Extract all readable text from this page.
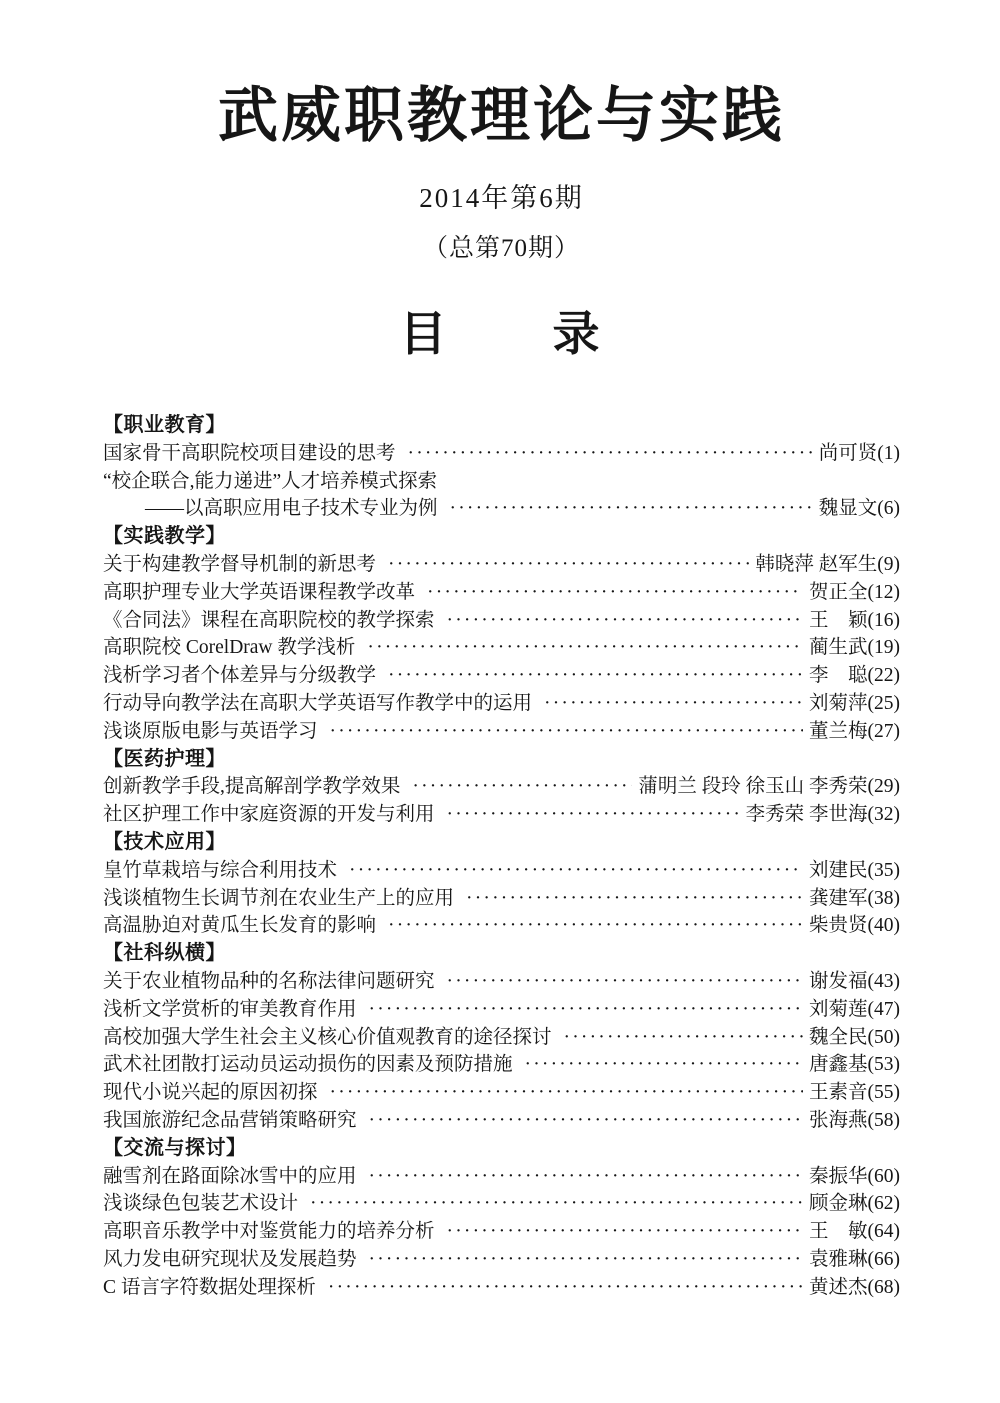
武威职教理论与实践
2014年第6期
（总第70期）
目　　录
【职业教育】
国家骨干高职院校项目建设的思考 ·····	尚可贤(1)
“校企联合,能力递进”人才培养模式探索
——以高职应用电子技术专业为例 ·····	魏显文(6)
【实践教学】
关于构建教学督导机制的新思考 ·····	韩晓萍 赵军生(9)
高职护理专业大学英语课程教学改革 ·····	贺正全(12)
《合同法》课程在高职院校的教学探索 ·····	王　颖(16)
高职院校 CorelDraw 教学浅析 ·····	蔺生武(19)
浅析学习者个体差异与分级教学 ·····	李　聪(22)
行动导向教学法在高职大学英语写作教学中的运用 ·····	刘菊萍(25)
浅谈原版电影与英语学习 ·····	董兰梅(27)
【医药护理】
创新教学手段,提高解剖学教学效果 ·····	蒲明兰 段玲 徐玉山 李秀荣(29)
社区护理工作中家庭资源的开发与利用 ·····	李秀荣 李世海(32)
【技术应用】
皇竹草栽培与综合利用技术 ·····	刘建民(35)
浅谈植物生长调节剂在农业生产上的应用 ·····	龚建军(38)
高温胁迫对黄瓜生长发育的影响 ·····	柴贵贤(40)
【社科纵横】
关于农业植物品种的名称法律问题研究 ·····	谢发福(43)
浅析文学赏析的审美教育作用 ·····	刘菊莲(47)
高校加强大学生社会主义核心价值观教育的途径探讨 ·····	魏全民(50)
武术社团散打运动员运动损伤的因素及预防措施 ·····	唐鑫基(53)
现代小说兴起的原因初探 ·····	王素音(55)
我国旅游纪念品营销策略研究 ·····	张海燕(58)
【交流与探讨】
融雪剂在路面除冰雪中的应用 ·····	秦振华(60)
浅谈绿色包装艺术设计 ·····	顾金琳(62)
高职音乐教学中对鉴赏能力的培养分析 ·····	王　敏(64)
风力发电研究现状及发展趋势 ·····	袁雅琳(66)
C 语言字符数据处理探析 ·····	黄述杰(68)
